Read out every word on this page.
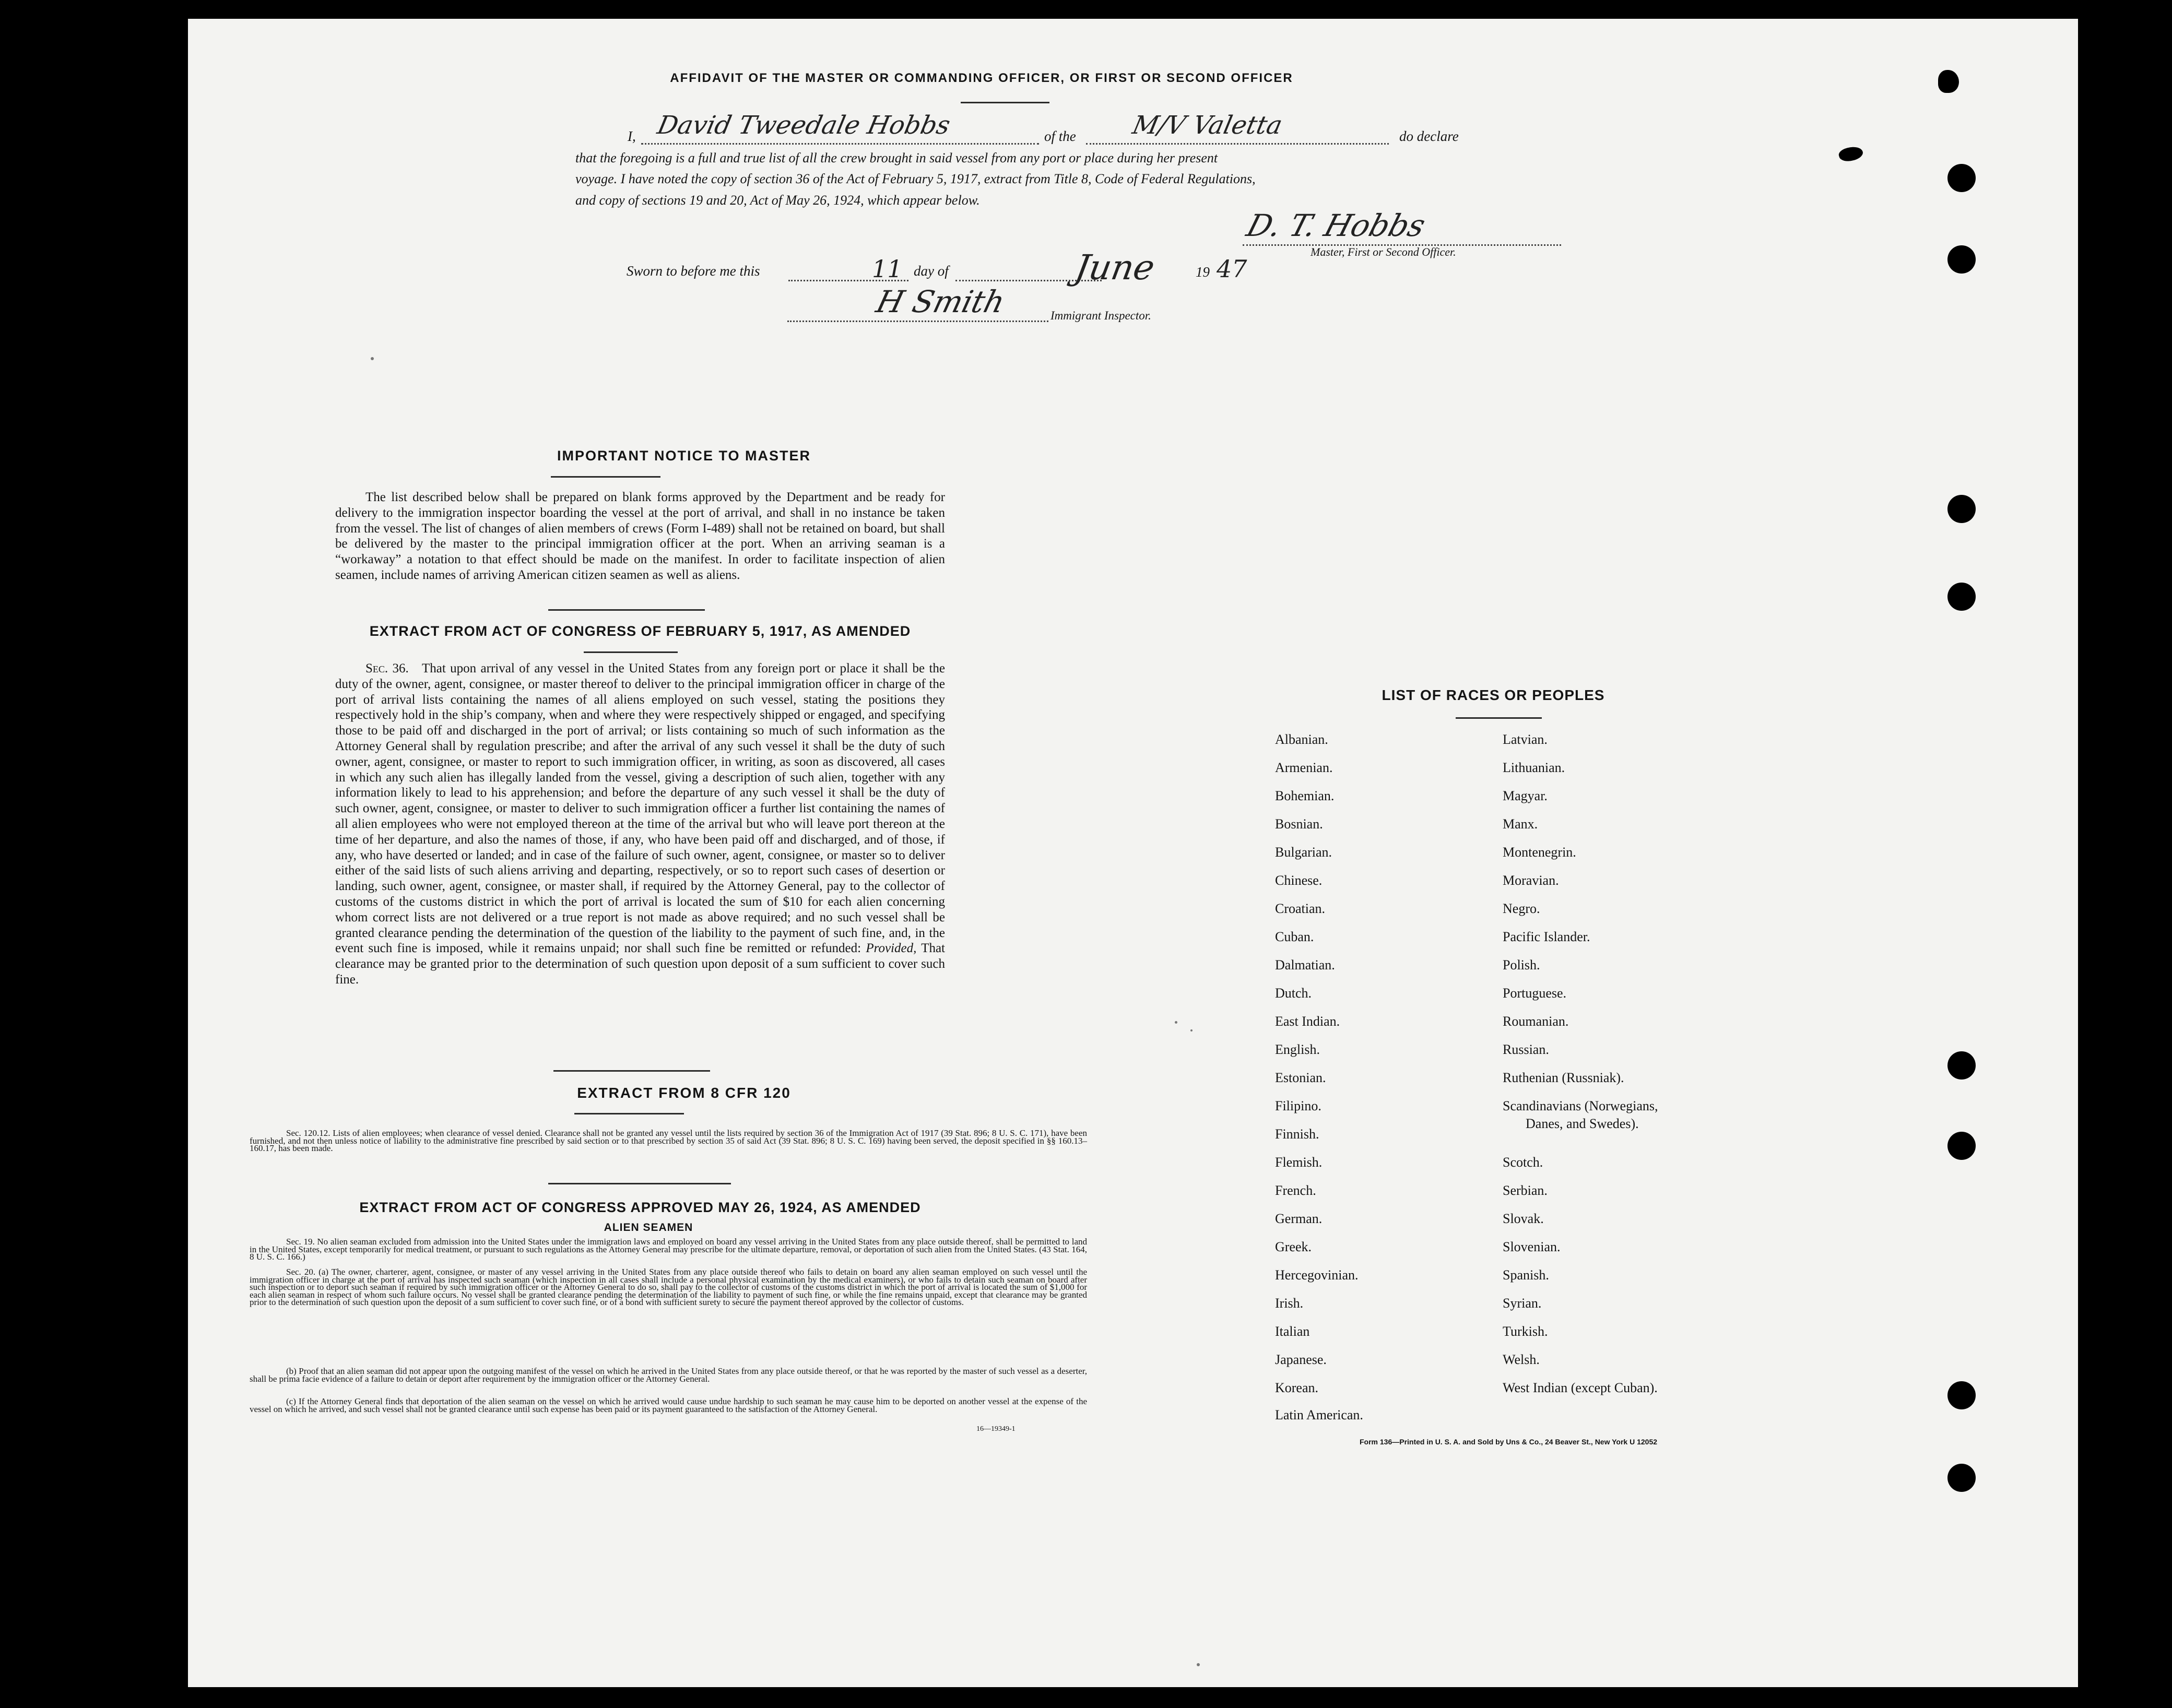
AFFIDAVIT OF THE MASTER OR COMMANDING OFFICER, OR FIRST OR SECOND OFFICER
I, David Tweedale Hobbs	of the M/V Valetta	do declare
that the foregoing is a full and true list of all the crew brought in said vessel from any port or place during her present
voyage. I have noted the copy of section 36 of the Act of February 5, 1917, extract from Title 8, Code of Federal Regulations,
and copy of sections 19 and 20, Act of May 26, 1924, which appear below.
D. T. Hobbs
Master, First or Second Officer.
Sworn to before me this	11 day of	June	19 47
H Smith	Immigrant Inspector.
IMPORTANT NOTICE TO MASTER

The list described below shall be prepared on blank forms approved by the Department and be ready for delivery to the immigration inspector boarding the vessel at the port of arrival, and shall in no instance be taken from the vessel. The list of changes of alien members of crews (Form I-489) shall not be retained on board, but shall be delivered by the master to the principal immigration officer at the port. When an arriving seaman is a “workaway” a notation to that effect should be made on the manifest. In order to facilitate inspection of alien seamen, include names of arriving American citizen seamen as well as aliens.

EXTRACT FROM ACT OF CONGRESS OF FEBRUARY 5, 1917, AS AMENDED

Sec. 36. That upon arrival of any vessel in the United States from any foreign port or place it shall be the duty of the owner, agent, consignee, or master thereof to deliver to the principal immigration officer in charge of the port of arrival lists containing the names of all aliens employed on such vessel, stating the positions they respectively hold in the ship’s company, when and where they were respectively shipped or engaged, and specifying those to be paid off and discharged in the port of arrival; or lists containing so much of such information as the Attorney General shall by regulation prescribe; and after the arrival of any such vessel it shall be the duty of such owner, agent, consignee, or master to report to such immigration officer, in writing, as soon as discovered, all cases in which any such alien has illegally landed from the vessel, giving a description of such alien, together with any information likely to lead to his apprehension; and before the departure of any such vessel it shall be the duty of such owner, agent, consignee, or master to deliver to such immigration officer a further list containing the names of all alien employees who were not employed thereon at the time of the arrival but who will leave port thereon at the time of her departure, and also the names of those, if any, who have been paid off and discharged, and of those, if any, who have deserted or landed; and in case of the failure of such owner, agent, consignee, or master so to deliver either of the said lists of such aliens arriving and departing, respectively, or so to report such cases of desertion or landing, such owner, agent, consignee, or master shall, if required by the Attorney General, pay to the collector of customs of the customs district in which the port of arrival is located the sum of $10 for each alien concerning whom correct lists are not delivered or a true report is not made as above required; and no such vessel shall be granted clearance pending the determination of the question of the liability to the payment of such fine, and, in the event such fine is imposed, while it remains unpaid; nor shall such fine be remitted or refunded: Provided, That clearance may be granted prior to the determination of such question upon deposit of a sum sufficient to cover such fine.

EXTRACT FROM 8 CFR 120

Sec. 120.12. Lists of alien employees; when clearance of vessel denied. Clearance shall not be granted any vessel until the lists required by section 36 of the Immigration Act of 1917 (39 Stat. 896; 8 U. S. C. 171), have been furnished, and not then unless notice of liability to the administrative fine prescribed by said section or to that prescribed by section 35 of said Act (39 Stat. 896; 8 U. S. C. 169) having been served, the deposit specified in §§ 160.13–160.17, has been made.

EXTRACT FROM ACT OF CONGRESS APPROVED MAY 26, 1924, AS AMENDED
ALIEN SEAMEN

Sec. 19. No alien seaman excluded from admission into the United States under the immigration laws and employed on board any vessel arriving in the United States from any place outside thereof, shall be permitted to land in the United States, except temporarily for medical treatment, or pursuant to such regulations as the Attorney General may prescribe for the ultimate departure, removal, or deportation of such alien from the United States. (43 Stat. 164, 8 U. S. C. 166.)

Sec. 20. (a) The owner, charterer, agent, consignee, or master of any vessel arriving in the United States from any place outside thereof who fails to detain on board any alien seaman employed on such vessel until the immigration officer in charge at the port of arrival has inspected such seaman (which inspection in all cases shall include a personal physical examination by the medical examiners), or who fails to detain such seaman on board after such inspection or to deport such seaman if required by such immigration officer or the Attorney General to do so, shall pay to the collector of customs of the customs district in which the port of arrival is located the sum of $1,000 for each alien seaman in respect of whom such failure occurs. No vessel shall be granted clearance pending the determination of the liability to payment of such fine, or while the fine remains unpaid, except that clearance may be granted prior to the determination of such question upon the deposit of a sum sufficient to cover such fine, or of a bond with sufficient surety to secure the payment thereof approved by the collector of customs.

(b) Proof that an alien seaman did not appear upon the outgoing manifest of the vessel on which he arrived in the United States from any place outside thereof, or that he was reported by the master of such vessel as a deserter, shall be prima facie evidence of a failure to detain or deport after requirement by the immigration officer or the Attorney General.

(c) If the Attorney General finds that deportation of the alien seaman on the vessel on which he arrived would cause undue hardship to such seaman he may cause him to be deported on another vessel at the expense of the vessel on which he arrived, and such vessel shall not be granted clearance until such expense has been paid or its payment guaranteed to the satisfaction of the Attorney General.

16—19349-1
LIST OF RACES OR PEOPLES
Albanian.
Armenian.
Bohemian.
Bosnian.
Bulgarian.
Chinese.
Croatian.
Cuban.
Dalmatian.
Dutch.
East Indian.
English.
Estonian.
Filipino.
Finnish.
Flemish.
French.
German.
Greek.
Hercegovinian.
Irish.
Italian
Japanese.
Korean.
Latin American.
Latvian.
Lithuanian.
Magyar.
Manx.
Montenegrin.
Moravian.
Negro.
Pacific Islander.
Polish.
Portuguese.
Roumanian.
Russian.
Ruthenian (Russniak).
Scandinavians (Norwegians,
Danes, and Swedes).
Scotch.
Serbian.
Slovak.
Slovenian.
Spanish.
Syrian.
Turkish.
Welsh.
West Indian (except Cuban).
Form 136—Printed in U. S. A. and Sold by Uns & Co., 24 Beaver St., New York U 12052
